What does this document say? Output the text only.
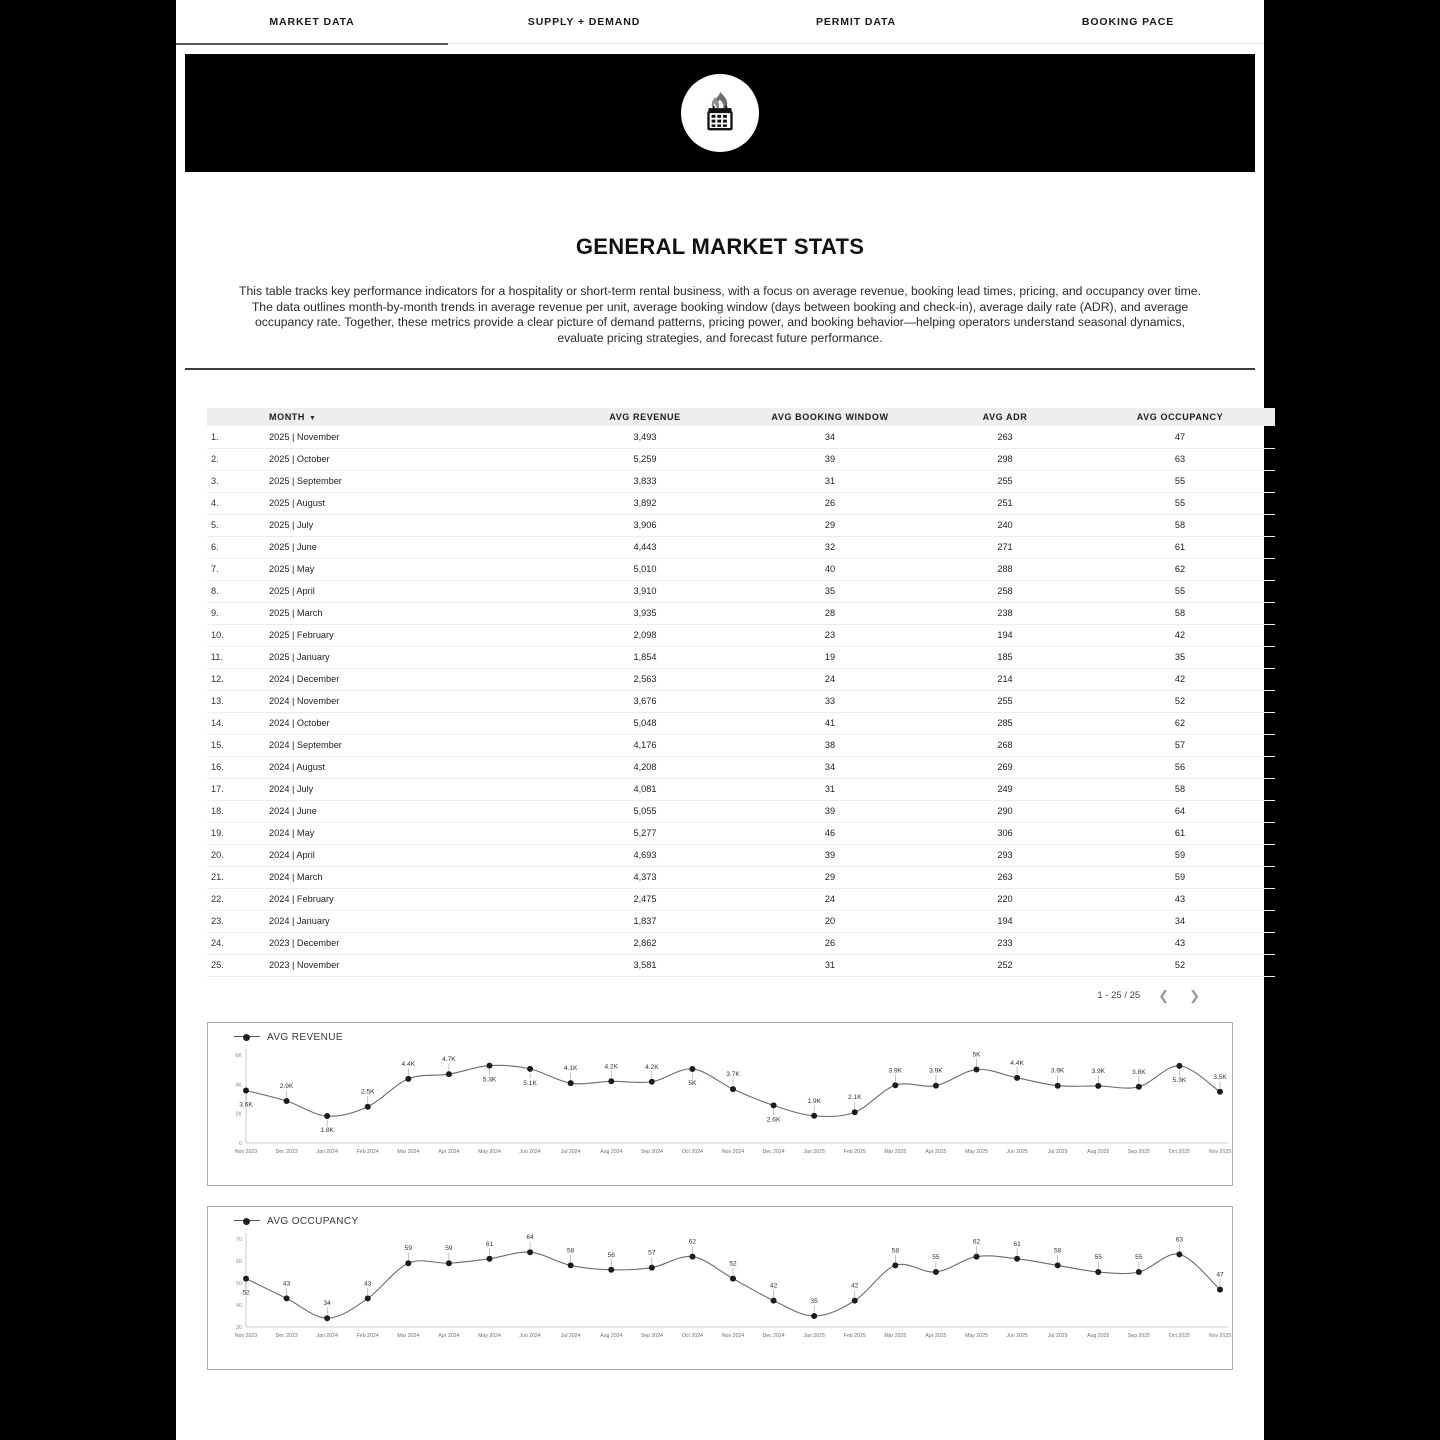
MARKET DATA	SUPPLY + DEMAND	PERMIT DATA	BOOKING PACE
GENERAL MARKET STATS
This table tracks key performance indicators for a hospitality or short-term rental business, with a focus on average revenue, booking lead times, pricing, and occupancy over time. The data outlines month-by-month trends in average revenue per unit, average booking window (days between booking and check-in), average daily rate (ADR), and average occupancy rate. Together, these metrics provide a clear picture of demand patterns, pricing power, and booking behavior—helping operators understand seasonal dynamics, evaluate pricing strategies, and forecast future performance.
	MONTH ▼	AVG REVENUE	AVG BOOKING WINDOW	AVG ADR	AVG OCCUPANCY
1.	2025 | November	3,493	34	263	47
2.	2025 | October	5,259	39	298	63
3.	2025 | September	3,833	31	255	55
4.	2025 | August	3,892	26	251	55
5.	2025 | July	3,906	29	240	58
6.	2025 | June	4,443	32	271	61
7.	2025 | May	5,010	40	288	62
8.	2025 | April	3,910	35	258	55
9.	2025 | March	3,935	28	238	58
10.	2025 | February	2,098	23	194	42
11.	2025 | January	1,854	19	185	35
12.	2024 | December	2,563	24	214	42
13.	2024 | November	3,676	33	255	52
14.	2024 | October	5,048	41	285	62
15.	2024 | September	4,176	38	268	57
16.	2024 | August	4,208	34	269	56
17.	2024 | July	4,081	31	249	58
18.	2024 | June	5,055	39	290	64
19.	2024 | May	5,277	46	306	61
20.	2024 | April	4,693	39	293	59
21.	2024 | March	4,373	29	263	59
22.	2024 | February	2,475	24	220	43
23.	2024 | January	1,837	20	194	34
24.	2023 | December	2,862	26	233	43
25.	2023 | November	3,581	31	252	52
1 - 25 / 25 ❮ ❯
AVG REVENUE
0
2K
4K
6K
3.6K
2.9K
1.8K
2.5K
4.4K
4.7K
5.3K	5.1K
4.1K	4.2K	4.2K
5K
3.7K
2.6K
1.9K
2.1K
3.9K	3.9K
5K
4.4K
3.9K	3.9K	3.8K
5.3K	3.5K
Nov 2023	Dec 2023	Jan 2024	Feb 2024	Mar 2024	Apr 2024	May 2024	Jun 2024	Jul 2024	Aug 2024	Sep 2024	Oct 2024	Nov 2024	Dec 2024	Jan 2025	Feb 2025	Mar 2025	Apr 2025	May 2025	Jun 2025	Jul 2025	Aug 2025	Sep 2025	Oct 2025	Nov 2025
AVG OCCUPANCY
30
40
50
60
70
52
43
34
43
59	59
61
64
58
56	57
62
52
42
35
42
58
55
62	61
58
55	55
63
47
Nov 2023	Dec 2023	Jan 2024	Feb 2024	Mar 2024	Apr 2024	May 2024	Jun 2024	Jul 2024	Aug 2024	Sep 2024	Oct 2024	Nov 2024	Dec 2024	Jan 2025	Feb 2025	Mar 2025	Apr 2025	May 2025	Jun 2025	Jul 2025	Aug 2025	Sep 2025	Oct 2025	Nov 2025
